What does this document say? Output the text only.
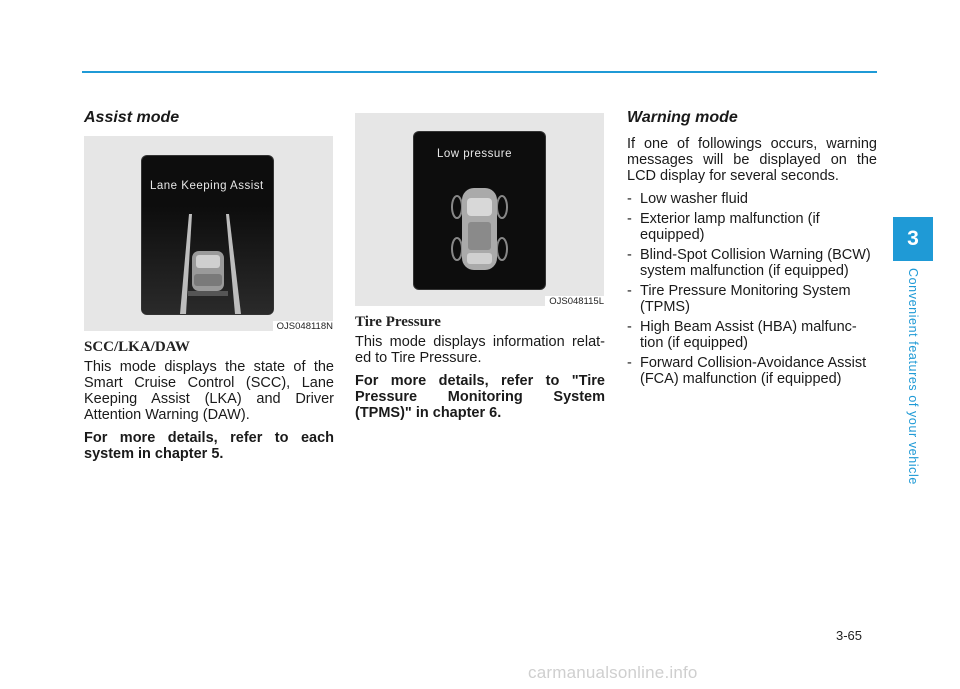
Assist mode
Lane Keeping Assist
OJS048118N
SCC/LKA/DAW

This mode displays the state of the Smart Cruise Control (SCC), Lane Keeping Assist (LKA) and Driver Attention Warning (DAW).

For more details, refer to each system in chapter 5.

Low pressure
OJS048115L
Tire Pressure

This mode displays information relat-ed to Tire Pressure.

For more details, refer to "Tire Pressure Monitoring System (TPMS)" in chapter 6.

Warning mode

If one of followings occurs, warning messages will be displayed on the LCD display for several seconds.

- Low washer fluid
- Exterior lamp malfunction (if equipped)
- Blind-Spot Collision Warning (BCW) system malfunction (if equipped)
- Tire Pressure Monitoring System (TPMS)
- High Beam Assist (HBA) malfunc-tion (if equipped)
- Forward Collision-Avoidance Assist (FCA) malfunction (if equipped)
3
Convenient features of your vehicle
3-65
carmanualsonline.info
